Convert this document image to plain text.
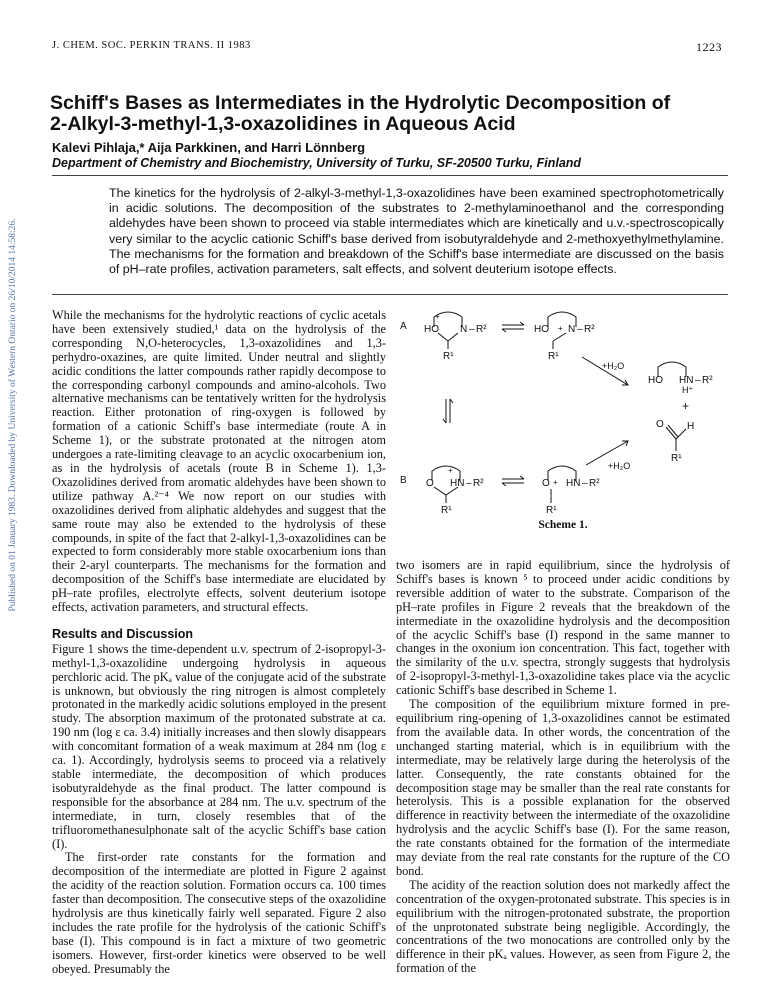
J. CHEM. SOC. PERKIN TRANS. II 1983	1223
Published on 01 January 1983. Downloaded by University of Western Ontario on 26/10/2014 14:58:26.
Schiff's Bases as Intermediates in the Hydrolytic Decomposition of
2-Alkyl-3-methyl-1,3-oxazolidines in Aqueous Acid
Kalevi Pihlaja,* Aija Parkkinen, and Harri Lönnberg
Department of Chemistry and Biochemistry, University of Turku, SF-20500 Turku, Finland
The kinetics for the hydrolysis of 2-alkyl-3-methyl-1,3-oxazolidines have been examined spectrophotometrically in acidic solutions. The decomposition of the substrates to 2-methylaminoethanol and the corresponding aldehydes have been shown to proceed via stable intermediates which are kinetically and u.v.-spectroscopically very similar to the acyclic cationic Schiff's base derived from isobutyraldehyde and 2-methoxyethylmethylamine. The mechanisms for the formation and breakdown of the Schiff's base intermediate are discussed on the basis of pH–rate profiles, activation parameters, salt effects, and solvent deuterium isotope effects.

While the mechanisms for the hydrolytic reactions of cyclic acetals have been extensively studied,¹ data on the hydrolysis of the corresponding N,O-heterocycles, 1,3-oxazolidines and 1,3-perhydro-oxazines, are quite limited. Under neutral and slightly acidic conditions the latter compounds rather rapidly decompose to the corresponding carbonyl compounds and amino-alcohols. Two alternative mechanisms can be tentatively written for the hydrolysis reaction. Either protonation of ring-oxygen is followed by formation of a cationic Schiff's base intermediate (route A in Scheme 1), or the substrate protonated at the nitrogen atom undergoes a rate-limiting cleavage to an acyclic oxocarbenium ion, as in the hydrolysis of acetals (route B in Scheme 1). 1,3-Oxazolidines derived from aromatic aldehydes have been shown to utilize pathway A.²⁻⁴ We now report on our studies with oxazolidines derived from aliphatic aldehydes and suggest that the same route may also be extended to the hydrolysis of these compounds, in spite of the fact that 2-alkyl-1,3-oxazolidines can be expected to form considerably more stable oxocarbenium ions than their 2-aryl counterparts. The mechanisms for the formation and decomposition of the Schiff's base intermediate are elucidated by pH–rate profiles, electrolyte effects, solvent deuterium isotope effects, activation parameters, and structural effects.

Results and Discussion

Figure 1 shows the time-dependent u.v. spectrum of 2-isopropyl-3-methyl-1,3-oxazolidine undergoing hydrolysis in aqueous perchloric acid. The pKₐ value of the conjugate acid of the substrate is unknown, but obviously the ring nitrogen is almost completely protonated in the markedly acidic solutions employed in the present study. The absorption maximum of the protonated substrate at ca. 190 nm (log ε ca. 3.4) initially increases and then slowly disappears with concomitant formation of a weak maximum at 284 nm (log ε ca. 1). Accordingly, hydrolysis seems to proceed via a relatively stable intermediate, the decomposition of which produces isobutyraldehyde as the final product. The latter compound is responsible for the absorbance at 284 nm. The u.v. spectrum of the intermediate, in turn, closely resembles that of the trifluoromethanesulphonate salt of the acyclic Schiff's base cation (I).

The first-order rate constants for the formation and decomposition of the intermediate are plotted in Figure 2 against the acidity of the reaction solution. Formation occurs ca. 100 times faster than decomposition. The consecutive steps of the oxazolidine hydrolysis are thus kinetically fairly well separated. Figure 2 also includes the rate profile for the hydrolysis of the cationic Schiff's base (I). This compound is in fact a mixture of two geometric isomers. However, first-order kinetics were observed to be well obeyed. Presumably the

A
+
HO N – R²
R¹
HO + N – R²
R¹
+H₂O
HO HN – R²
H⁺
+
O H
R¹
+H₂O
B O
+
HN – R²
R¹
O + HN – R²
R¹
Scheme 1.

two isomers are in rapid equilibrium, since the hydrolysis of Schiff's bases is known ⁵ to proceed under acidic conditions by reversible addition of water to the substrate. Comparison of the pH–rate profiles in Figure 2 reveals that the breakdown of the intermediate in the oxazolidine hydrolysis and the decomposition of the acyclic Schiff's base (I) respond in the same manner to changes in the oxonium ion concentration. This fact, together with the similarity of the u.v. spectra, strongly suggests that hydrolysis of 2-isopropyl-3-methyl-1,3-oxazolidine takes place via the acyclic cationic Schiff's base described in Scheme 1.

The composition of the equilibrium mixture formed in pre-equilibrium ring-opening of 1,3-oxazolidines cannot be estimated from the available data. In other words, the concentration of the unchanged starting material, which is in equilibrium with the intermediate, may be relatively large during the heterolysis of the latter. Consequently, the rate constants obtained for the decomposition stage may be smaller than the real rate constants for heterolysis. This is a possible explanation for the observed difference in reactivity between the intermediate of the oxazolidine hydrolysis and the acyclic Schiff's base (I). For the same reason, the rate constants obtained for the formation of the intermediate may deviate from the real rate constants for the rupture of the CO bond.

The acidity of the reaction solution does not markedly affect the concentration of the oxygen-protonated substrate. This species is in equilibrium with the nitrogen-protonated substrate, the proportion of the unprotonated substrate being negligible. Accordingly, the concentrations of the two monocations are controlled only by the difference in their pKₐ values. However, as seen from Figure 2, the formation of the
